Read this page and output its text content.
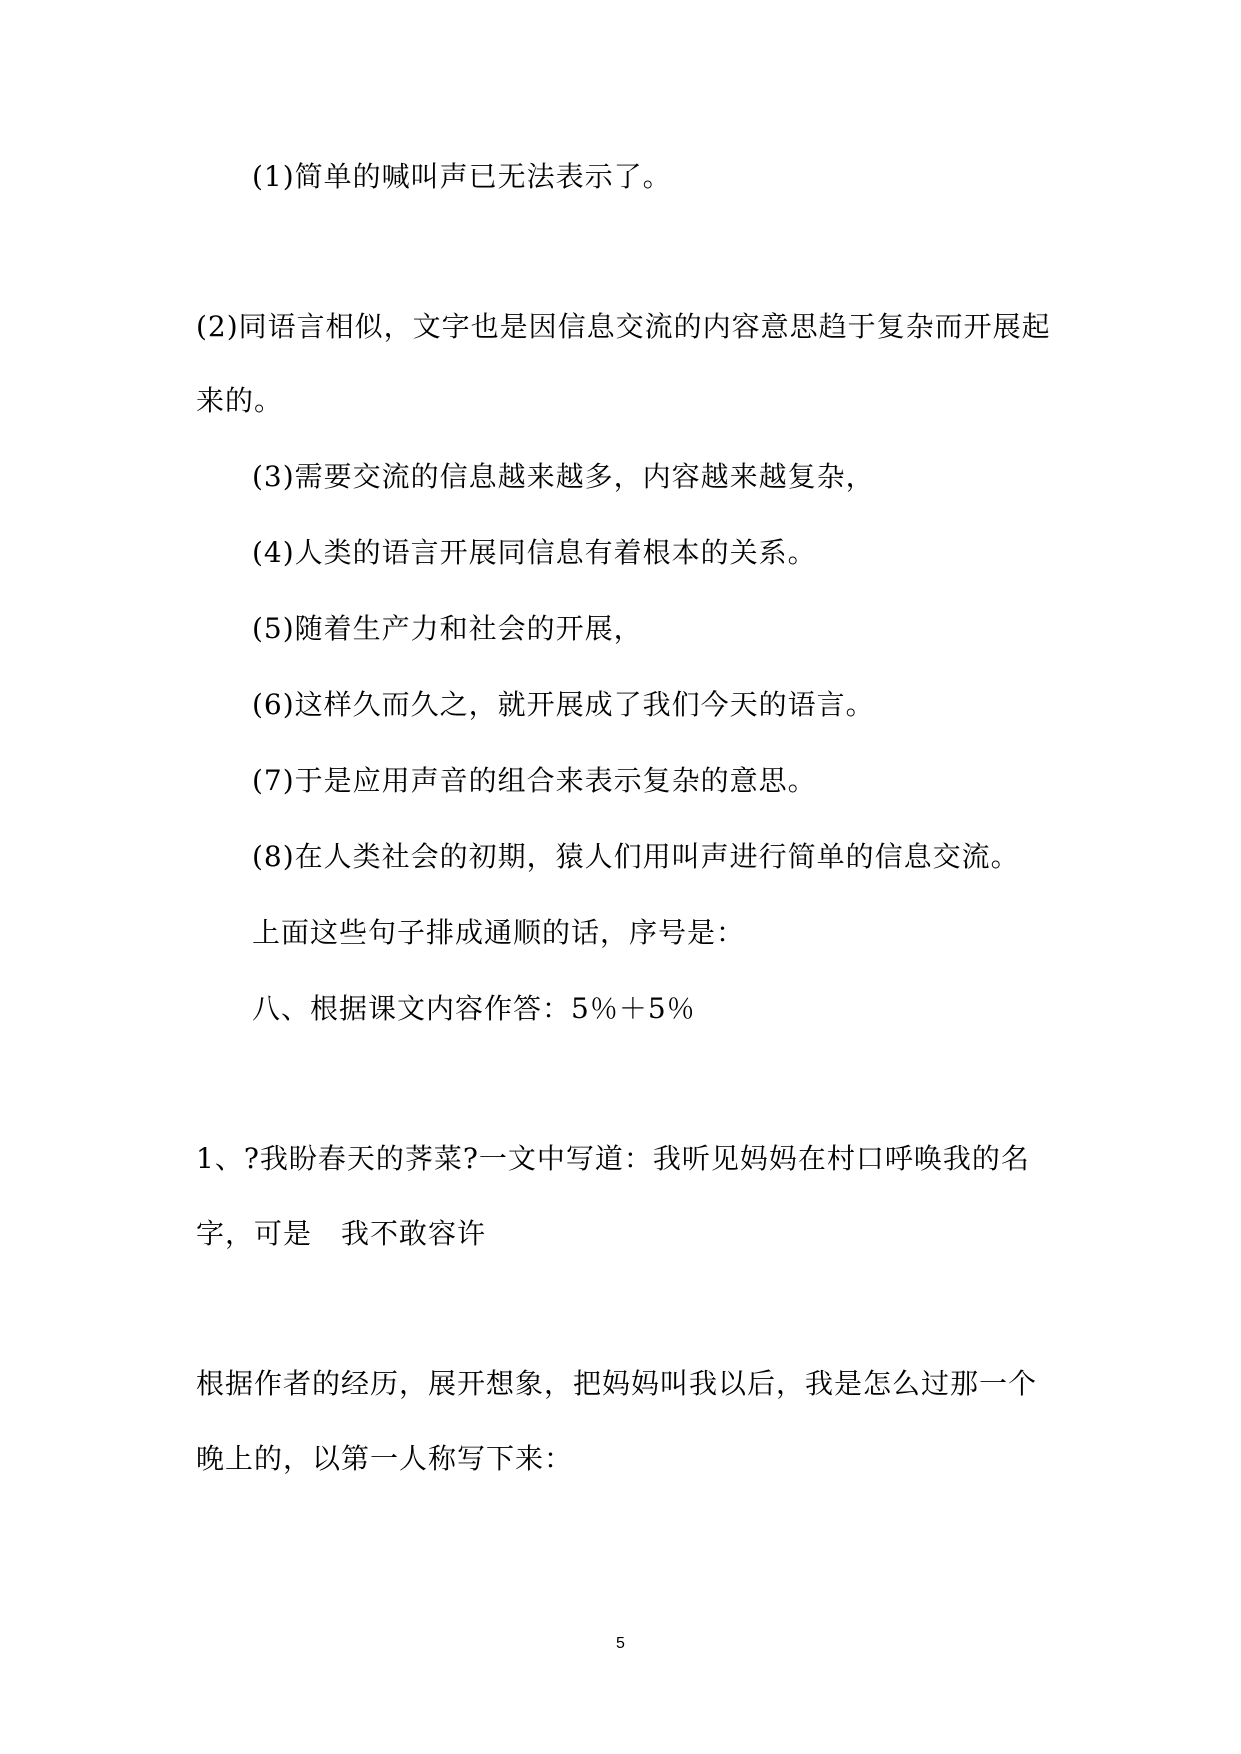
(1)简单的喊叫声已无法表示了。
(2)同语言相似，文字也是因信息交流的内容意思趋于复杂而开展起
来的。
(3)需要交流的信息越来越多，内容越来越复杂，
(4)人类的语言开展同信息有着根本的关系。
(5)随着生产力和社会的开展，
(6)这样久而久之，就开展成了我们今天的语言。
(7)于是应用声音的组合来表示复杂的意思。
(8)在人类社会的初期，猿人们用叫声进行简单的信息交流。
上面这些句子排成通顺的话，序号是：
八、根据课文内容作答：5％＋5％
1、?我盼春天的荠菜?一文中写道：我听见妈妈在村口呼唤我的名
字，可是　我不敢容许
根据作者的经历，展开想象，把妈妈叫我以后，我是怎么过那一个
晚上的，以第一人称写下来：
5
